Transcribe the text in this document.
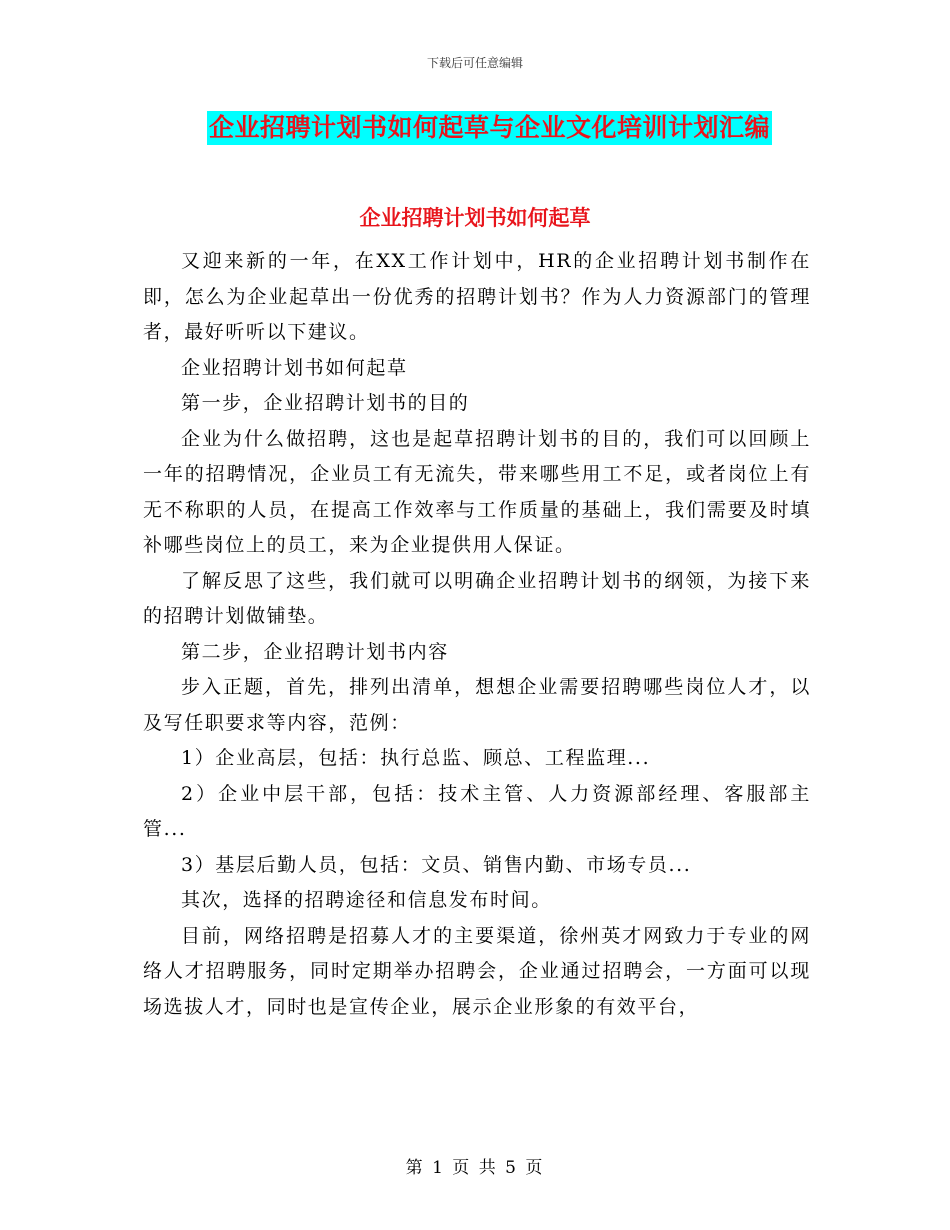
下载后可任意编辑
企业招聘计划书如何起草与企业文化培训计划汇编
企业招聘计划书如何起草

又迎来新的一年，在XX工作计划中，HR的企业招聘计划书制作在即，怎么为企业起草出一份优秀的招聘计划书？作为人力资源部门的管理者，最好听听以下建议。

企业招聘计划书如何起草

第一步，企业招聘计划书的目的

企业为什么做招聘，这也是起草招聘计划书的目的，我们可以回顾上一年的招聘情况，企业员工有无流失，带来哪些用工不足，或者岗位上有无不称职的人员，在提高工作效率与工作质量的基础上，我们需要及时填补哪些岗位上的员工，来为企业提供用人保证。

了解反思了这些，我们就可以明确企业招聘计划书的纲领，为接下来的招聘计划做铺垫。

第二步，企业招聘计划书内容

步入正题，首先，排列出清单，想想企业需要招聘哪些岗位人才，以及写任职要求等内容，范例：

1）企业高层，包括：执行总监、顾总、工程监理...

2）企业中层干部，包括：技术主管、人力资源部经理、客服部主管...

3）基层后勤人员，包括：文员、销售内勤、市场专员...

其次，选择的招聘途径和信息发布时间。

目前，网络招聘是招募人才的主要渠道，徐州英才网致力于专业的网络人才招聘服务，同时定期举办招聘会，企业通过招聘会，一方面可以现场选拔人才，同时也是宣传企业，展示企业形象的有效平台，

第 1 页 共 5 页
